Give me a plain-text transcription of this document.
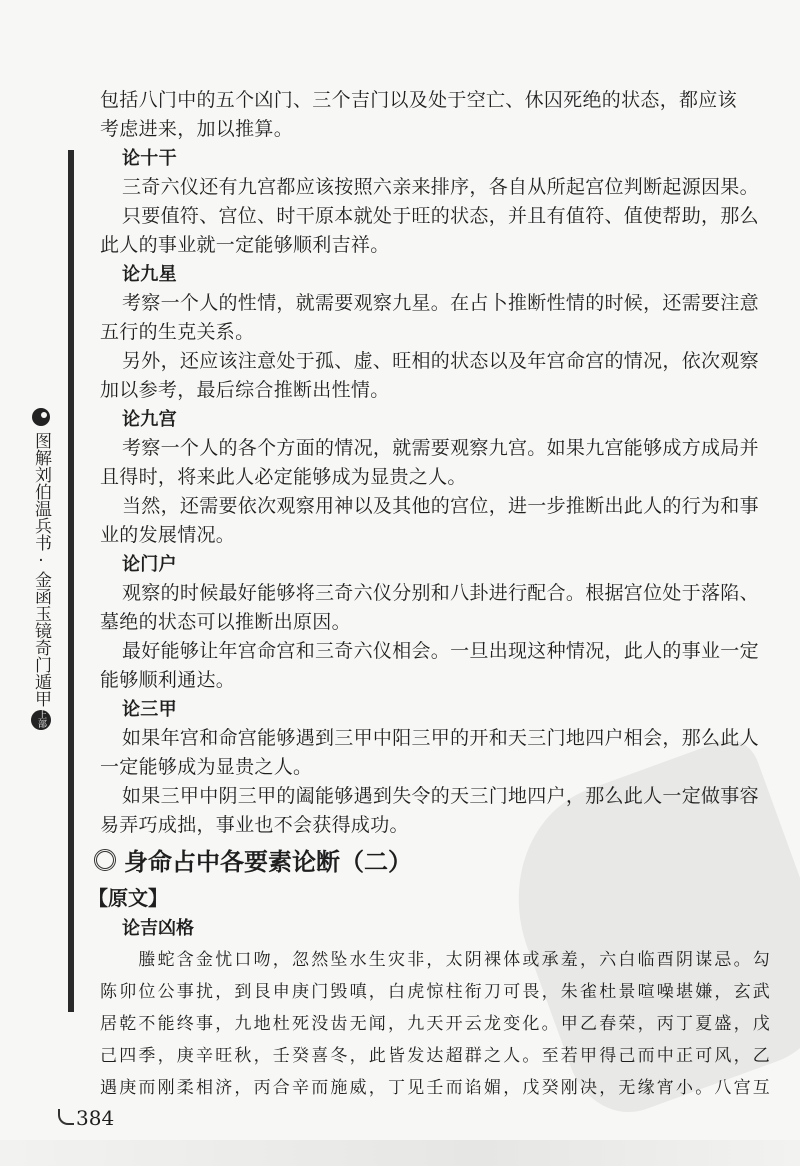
图解刘伯温兵书·金函玉镜奇门遁甲
上部
包括八门中的五个凶门、三个吉门以及处于空亡、休囚死绝的状态，都应该
考虑进来，加以推算。
论十干
三奇六仪还有九宫都应该按照六亲来排序，各自从所起宫位判断起源因果。
只要值符、宫位、时干原本就处于旺的状态，并且有值符、值使帮助，那么
此人的事业就一定能够顺利吉祥。
论九星
考察一个人的性情，就需要观察九星。在占卜推断性情的时候，还需要注意
五行的生克关系。
另外，还应该注意处于孤、虚、旺相的状态以及年宫命宫的情况，依次观察
加以参考，最后综合推断出性情。
论九宫
考察一个人的各个方面的情况，就需要观察九宫。如果九宫能够成方成局并
且得时，将来此人必定能够成为显贵之人。
当然，还需要依次观察用神以及其他的宫位，进一步推断出此人的行为和事
业的发展情况。
论门户
观察的时候最好能够将三奇六仪分别和八卦进行配合。根据宫位处于落陷、
墓绝的状态可以推断出原因。
最好能够让年宫命宫和三奇六仪相会。一旦出现这种情况，此人的事业一定
能够顺利通达。
论三甲
如果年宫和命宫能够遇到三甲中阳三甲的开和天三门地四户相会，那么此人
一定能够成为显贵之人。
如果三甲中阴三甲的阖能够遇到失令的天三门地四户，那么此人一定做事容
易弄巧成拙，事业也不会获得成功。
身命占中各要素论断（二）
【原文】
论吉凶格
　　螣蛇含金忧口吻，忽然坠水生灾非，太阴裸体或承羞，六白临酉阴谋忌。勾
陈卯位公事扰，到艮申庚门毁嗔，白虎惊柱衔刀可畏，朱雀杜景喧噪堪嫌，玄武
居乾不能终事，九地杜死没齿无闻，九天开云龙变化。甲乙春荣，丙丁夏盛，戊
己四季，庚辛旺秋，壬癸喜冬，此皆发达超群之人。至若甲得己而中正可风，乙
遇庚而刚柔相济，丙合辛而施威，丁见壬而谄媚，戊癸刚决，无缘宵小。八宫互
384
